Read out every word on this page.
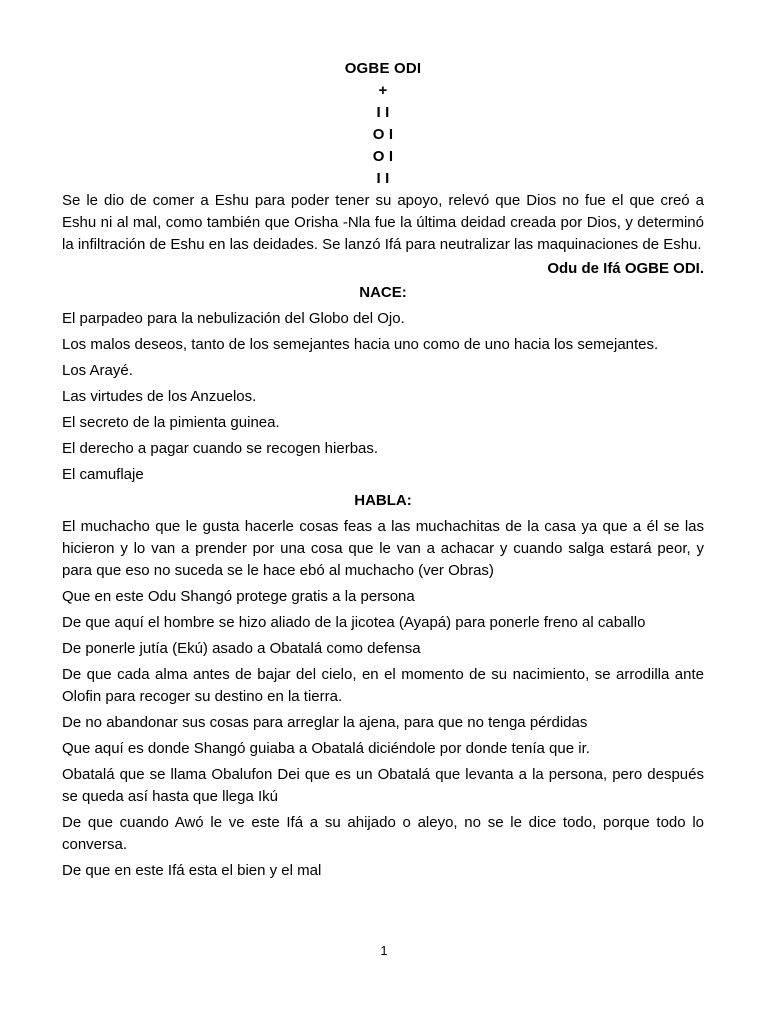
OGBE ODI
+
I I
O I
O I
I I

Se le dio de comer a Eshu para poder tener su apoyo, relevó que Dios no fue el que creó a Eshu ni al mal, como también que Orisha -Nla fue la última deidad creada por Dios, y determinó la infiltración de Eshu en las deidades. Se lanzó Ifá para neutralizar las maquinaciones de Eshu.

Odu de Ifá OGBE ODI.
NACE:

El parpadeo para la nebulización del Globo del Ojo.

Los malos deseos, tanto de los semejantes hacia uno como de uno hacia los semejantes.

Los Arayé.

Las virtudes de los Anzuelos.

El secreto de la pimienta guinea.

El derecho a pagar cuando se recogen hierbas.

El camuflaje

HABLA:

El muchacho que le gusta hacerle cosas feas a las muchachitas de la casa ya que a él se las hicieron y lo van a prender por una cosa que le van a achacar y cuando salga estará peor, y para que eso no suceda se le hace ebó al muchacho (ver Obras)

Que en este Odu Shangó protege gratis a la persona

De que aquí el hombre se hizo aliado de la jicotea (Ayapá) para ponerle freno al caballo

De ponerle jutía (Ekú) asado a Obatalá como defensa

De que cada alma antes de bajar del cielo, en el momento de su nacimiento, se arrodilla ante Olofin para recoger su destino en la tierra.

De no abandonar sus cosas para arreglar la ajena, para que no tenga pérdidas

Que aquí es donde Shangó guiaba a Obatalá diciéndole por donde tenía que ir.

Obatalá que se llama Obalufon Dei que es un Obatalá que levanta a la persona, pero después se queda así hasta que llega Ikú

De que cuando Awó le ve este Ifá a su ahijado o aleyo, no se le dice todo, porque todo lo conversa.

De que en este Ifá esta el bien y el mal

1
